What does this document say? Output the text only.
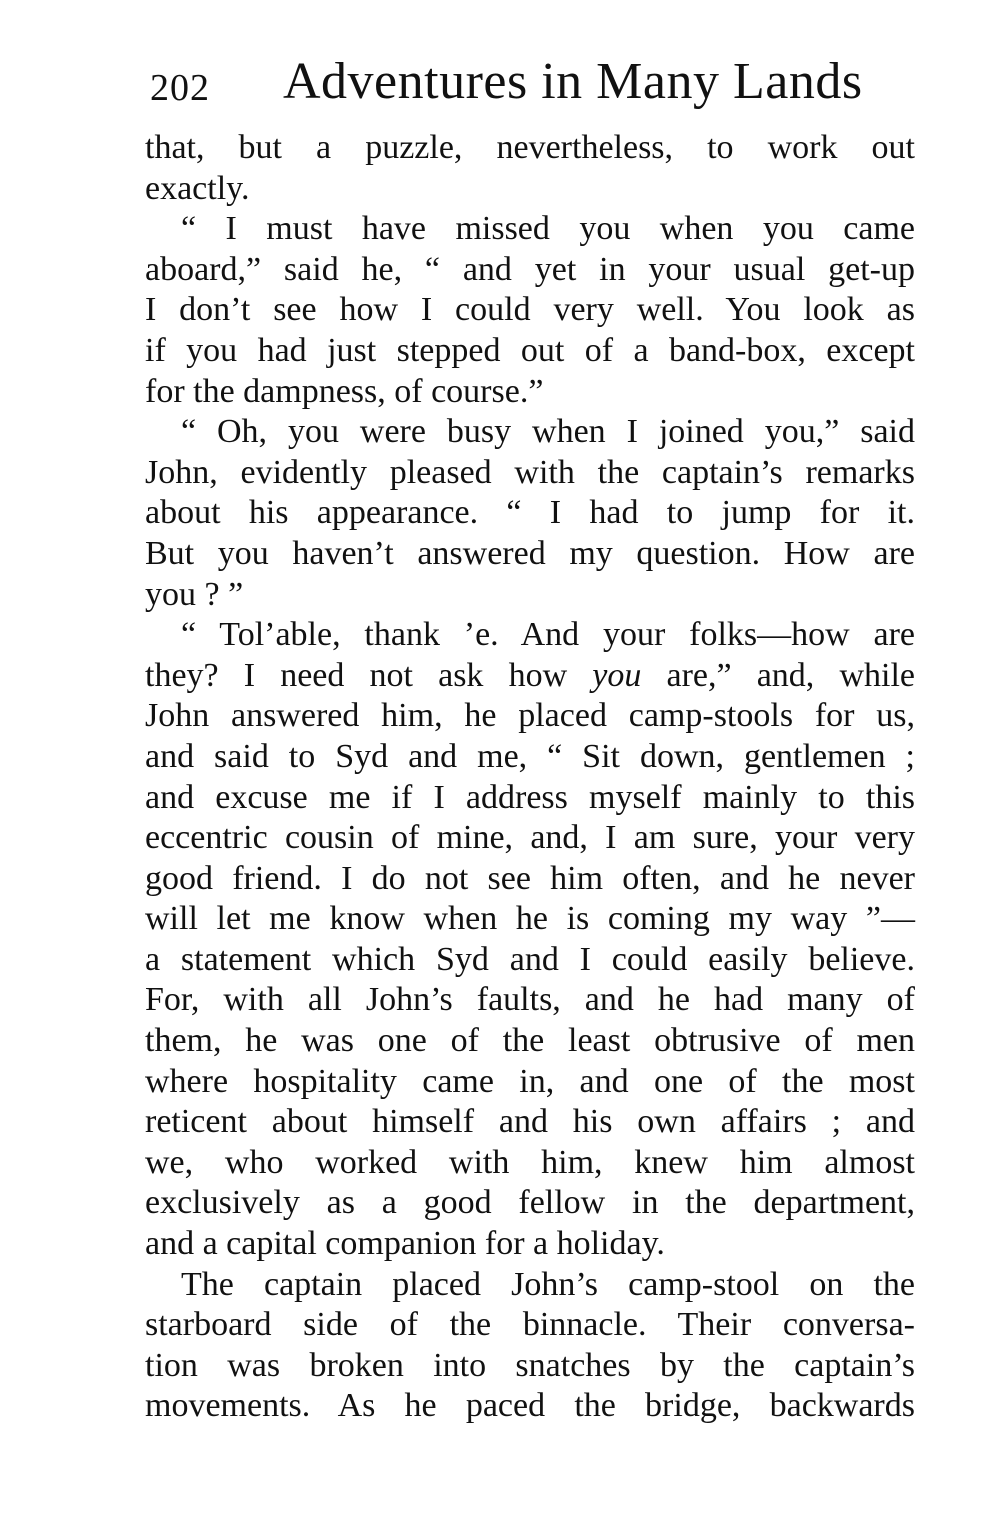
202 Adventures in Many Lands
that, but a puzzle, nevertheless, to work out
exactly.
“ I must have missed you when you came
aboard,” said he, “ and yet in your usual get-up
I don’t see how I could very well. You look as
if you had just stepped out of a band-box, except
for the dampness, of course.”
“ Oh, you were busy when I joined you,” said
John, evidently pleased with the captain’s remarks
about his appearance. “ I had to jump for it.
But you haven’t answered my question. How are
you ? ”
“ Tol’able, thank ’e. And your folks—how are
they? I need not ask how you are,” and, while
John answered him, he placed camp-stools for us,
and said to Syd and me, “ Sit down, gentlemen ;
and excuse me if I address myself mainly to this
eccentric cousin of mine, and, I am sure, your very
good friend. I do not see him often, and he never
will let me know when he is coming my way ”—
a statement which Syd and I could easily believe.
For, with all John’s faults, and he had many of
them, he was one of the least obtrusive of men
where hospitality came in, and one of the most
reticent about himself and his own affairs ; and
we, who worked with him, knew him almost
exclusively as a good fellow in the department,
and a capital companion for a holiday.
The captain placed John’s camp-stool on the
starboard side of the binnacle. Their conversa-
tion was broken into snatches by the captain’s
movements. As he paced the bridge, backwards
